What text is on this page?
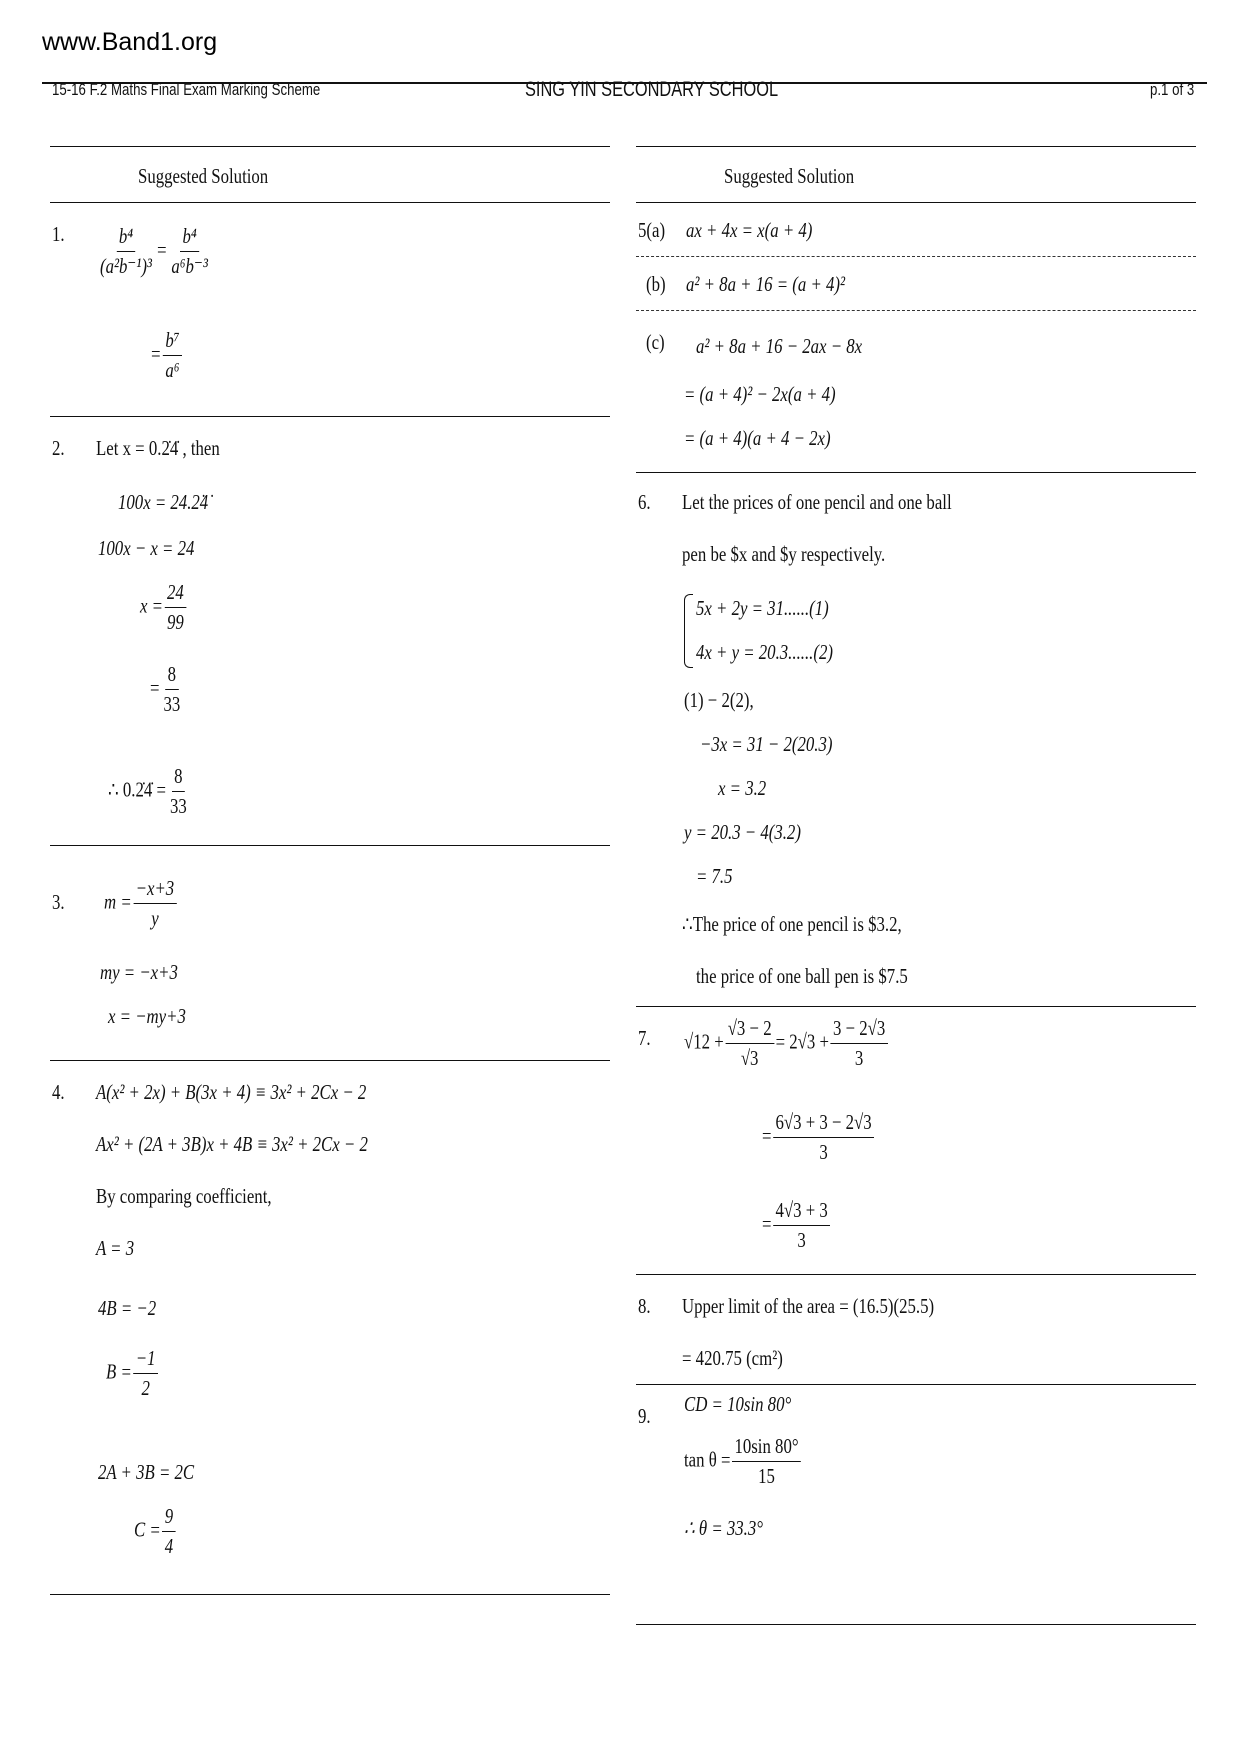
www.Band1.org
15-16 F.2 Maths Final Exam Marking Scheme	SING YIN SECONDARY SCHOOL	p.1 of 3
Suggested Solution
1. $\frac{\text{b⁴}}{\text{(a²b⁻¹)³}} = \frac{\text{b⁴}}{\text{a⁶b⁻³}}$
= $\frac{\text{b⁷}}{\text{a⁶}}$
2. Let x = 0.2̇4̇ , then
100x = 24.2̇4̇
100x − x = 24
$x = \frac{24}{99}$
= $\frac{8}{33}$
∴ 0.2̇4̇ = $\frac{8}{33}$
3. $m = \frac{-x+3}{y}$
my = −x+3
x = −my+3
4. A(x² + 2x) + B(3x + 4) ≡ 3x² + 2Cx − 2
Ax² + (2A + 3B)x + 4B ≡ 3x² + 2Cx − 2
By comparing coefficient,
A = 3
4B = −2
$B = \frac{-1}{2}$
2A + 3B = 2C
$C = \frac{9}{4}$
Suggested Solution
5(a) ax + 4x = x(a + 4)
(b) a² + 8a + 16 = (a + 4)²
(c) a² + 8a + 16 − 2ax − 8x
= (a + 4)² − 2x(a + 4)
= (a + 4)(a + 4 − 2x)
6. Let the prices of one pencil and one ball
pen be $x and $y respectively.
5x + 2y = 31......(1)
4x + y = 20.3......(2)
(1) − 2(2),
−3x = 31 − 2(20.3)
x = 3.2
y = 20.3 − 4(3.2)
= 7.5
∴The price of one pencil is $3.2,
the price of one ball pen is $7.5
7. $√12 + \frac{√3 - 2}{√3} = 2√3 + \frac{3 - 2√3}{3}$
= $\frac{6√3 + 3 - 2√3}{3}$
= $\frac{4√3 + 3}{3}$
8. Upper limit of the area = (16.5)(25.5)
= 420.75 (cm²)
9. CD = 10sin 80°
$\tan \theta = \frac{10\sin 80^\circ}{15}$
∴ θ = 33.3°
